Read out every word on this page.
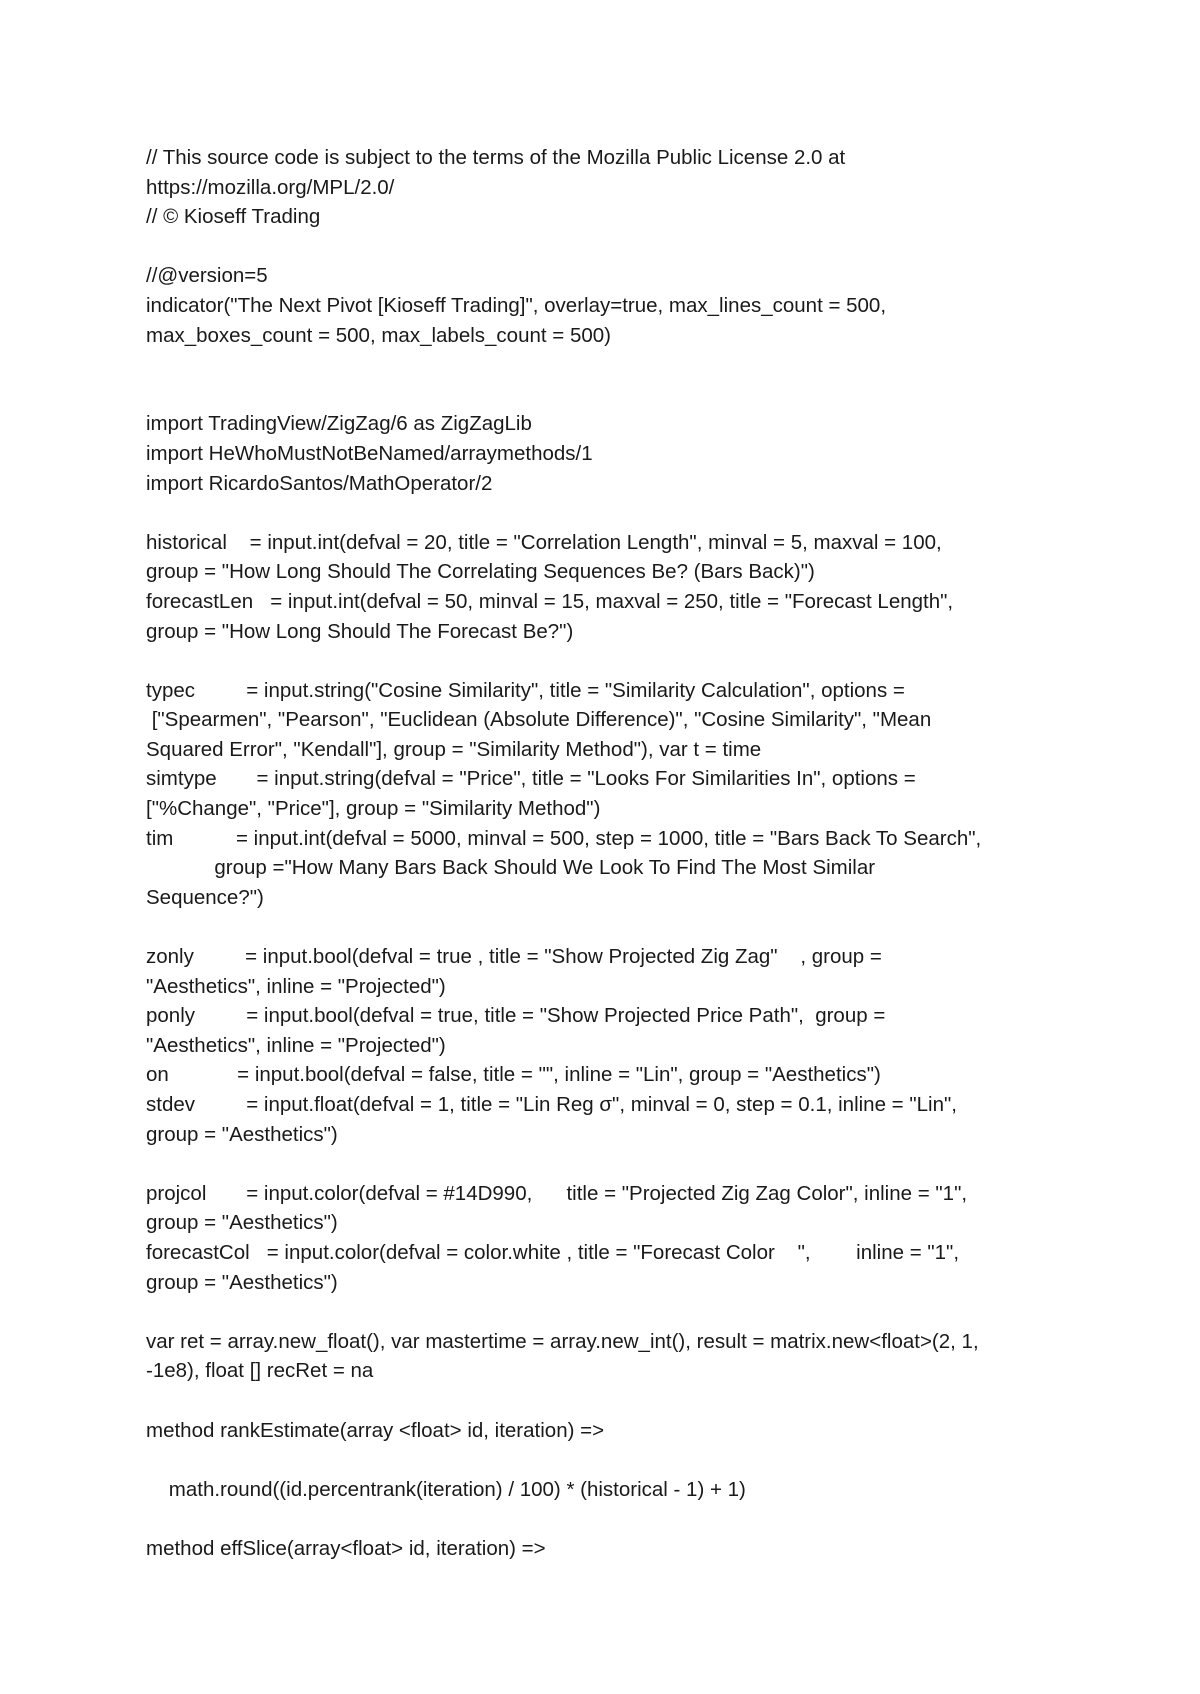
// This source code is subject to the terms of the Mozilla Public License 2.0 at
https://mozilla.org/MPL/2.0/
// © Kioseff Trading
//@version=5
indicator("The Next Pivot [Kioseff Trading]", overlay=true, max_lines_count = 500,
max_boxes_count = 500, max_labels_count = 500)
import TradingView/ZigZag/6 as ZigZagLib
import HeWhoMustNotBeNamed/arraymethods/1
import RicardoSantos/MathOperator/2
historical    = input.int(defval = 20, title = "Correlation Length", minval = 5, maxval = 100,
group = "How Long Should The Correlating Sequences Be? (Bars Back)")
forecastLen   = input.int(defval = 50, minval = 15, maxval = 250, title = "Forecast Length",
group = "How Long Should The Forecast Be?")
typec         = input.string("Cosine Similarity", title = "Similarity Calculation", options =
["Spearmen", "Pearson", "Euclidean (Absolute Difference)", "Cosine Similarity", "Mean
Squared Error", "Kendall"], group = "Similarity Method"), var t = time
simtype       = input.string(defval = "Price", title = "Looks For Similarities In", options =
["%Change", "Price"], group = "Similarity Method")
tim           = input.int(defval = 5000, minval = 500, step = 1000, title = "Bars Back To Search",
group ="How Many Bars Back Should We Look To Find The Most Similar
Sequence?")
zonly         = input.bool(defval = true , title = "Show Projected Zig Zag"    , group =
"Aesthetics", inline = "Projected")
ponly         = input.bool(defval = true, title = "Show Projected Price Path",  group =
"Aesthetics", inline = "Projected")
on            = input.bool(defval = false, title = "", inline = "Lin", group = "Aesthetics")
stdev         = input.float(defval = 1, title = "Lin Reg σ", minval = 0, step = 0.1, inline = "Lin",
group = "Aesthetics")
projcol       = input.color(defval = #14D990,      title = "Projected Zig Zag Color", inline = "1",
group = "Aesthetics")
forecastCol   = input.color(defval = color.white , title = "Forecast Color    ",        inline = "1",
group = "Aesthetics")
var ret = array.new_float(), var mastertime = array.new_int(), result = matrix.new<float>(2, 1,
-1e8), float [] recRet = na
method rankEstimate(array <float> id, iteration) =>
math.round((id.percentrank(iteration) / 100) * (historical - 1) + 1)
method effSlice(array<float> id, iteration) =>
